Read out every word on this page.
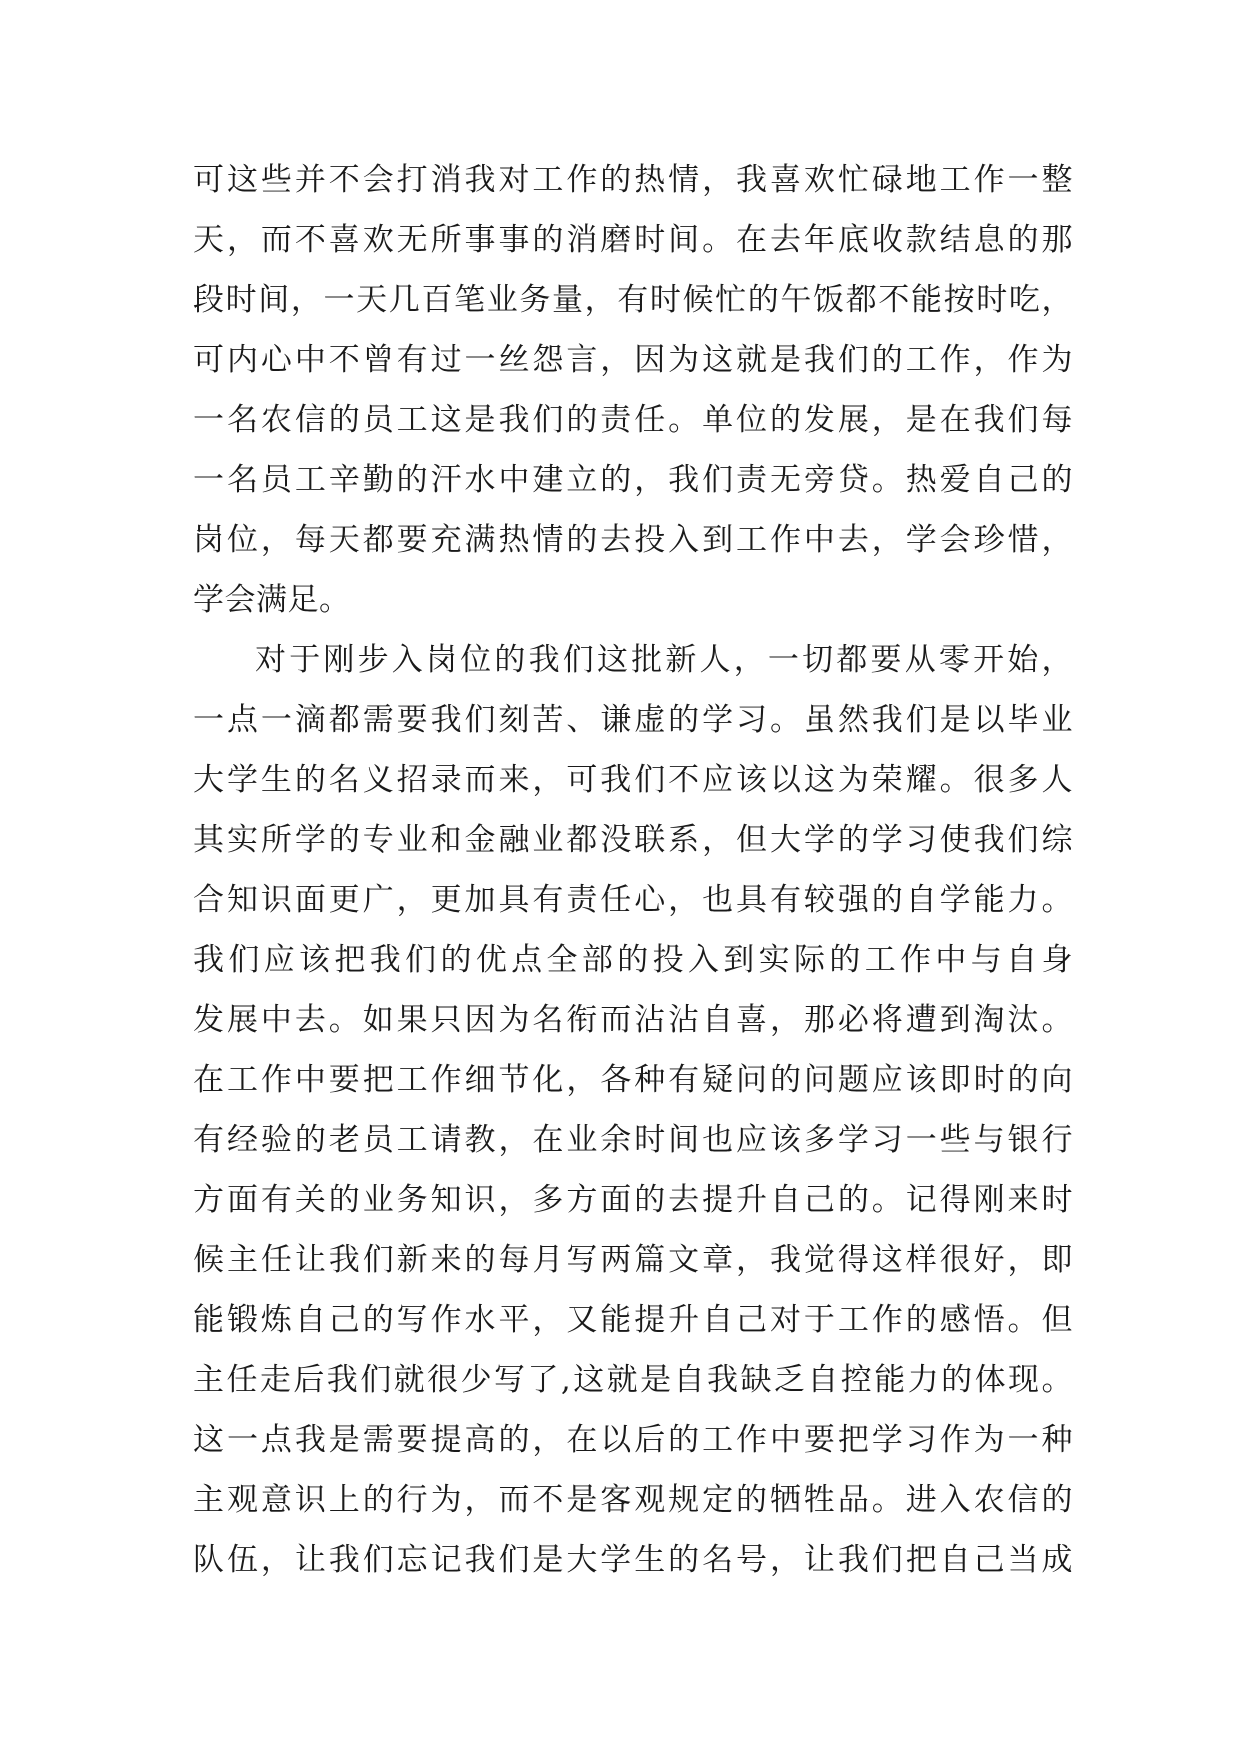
可这些并不会打消我对工作的热情，我喜欢忙碌地工作一整
天，而不喜欢无所事事的消磨时间。在去年底收款结息的那
段时间，一天几百笔业务量，有时候忙的午饭都不能按时吃，
可内心中不曾有过一丝怨言，因为这就是我们的工作，作为
一名农信的员工这是我们的责任。单位的发展，是在我们每
一名员工辛勤的汗水中建立的，我们责无旁贷。热爱自己的
岗位，每天都要充满热情的去投入到工作中去，学会珍惜，
学会满足。
对于刚步入岗位的我们这批新人，一切都要从零开始，
一点一滴都需要我们刻苦、谦虚的学习。虽然我们是以毕业
大学生的名义招录而来，可我们不应该以这为荣耀。很多人
其实所学的专业和金融业都没联系，但大学的学习使我们综
合知识面更广，更加具有责任心，也具有较强的自学能力。
我们应该把我们的优点全部的投入到实际的工作中与自身
发展中去。如果只因为名衔而沾沾自喜，那必将遭到淘汰。
在工作中要把工作细节化，各种有疑问的问题应该即时的向
有经验的老员工请教，在业余时间也应该多学习一些与银行
方面有关的业务知识，多方面的去提升自己的。记得刚来时
候主任让我们新来的每月写两篇文章，我觉得这样很好，即
能锻炼自己的写作水平，又能提升自己对于工作的感悟。但
主任走后我们就很少写了,这就是自我缺乏自控能力的体现。
这一点我是需要提高的，在以后的工作中要把学习作为一种
主观意识上的行为，而不是客观规定的牺牲品。进入农信的
队伍，让我们忘记我们是大学生的名号，让我们把自己当成
